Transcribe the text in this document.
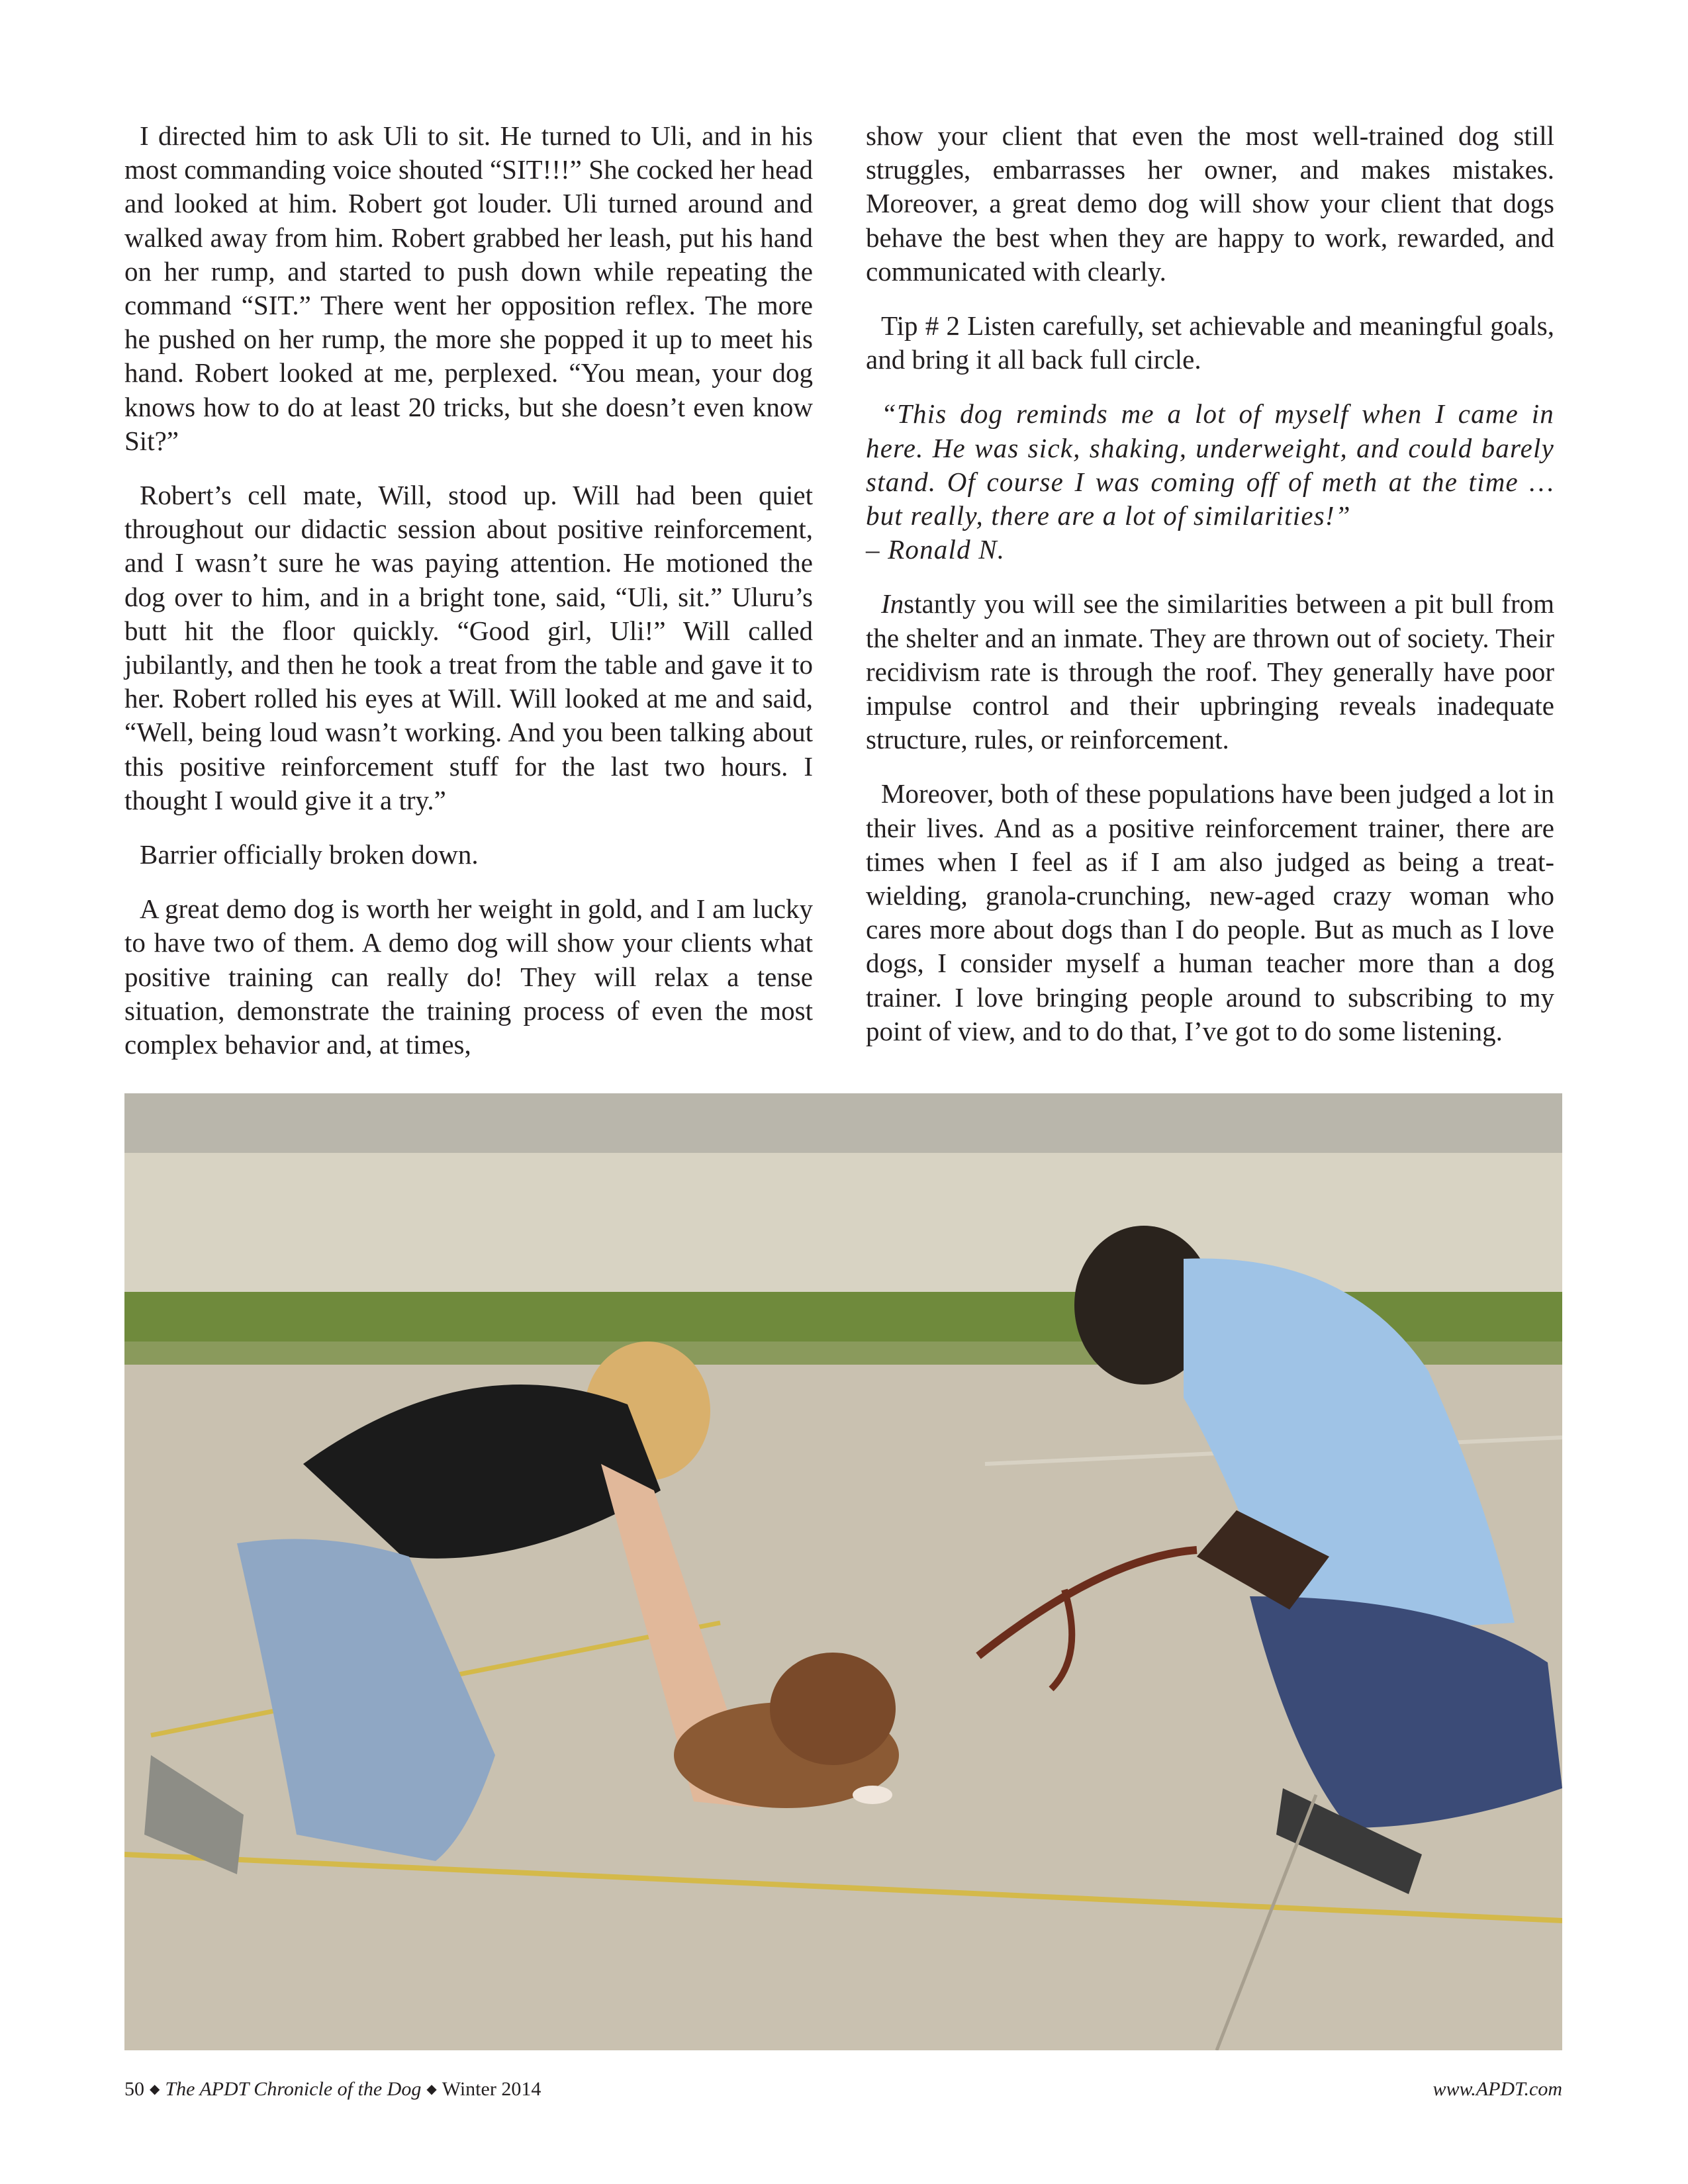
I directed him to ask Uli to sit. He turned to Uli, and in his most commanding voice shouted “SIT!!!” She cocked her head and looked at him. Robert got louder. Uli turned around and walked away from him. Robert grabbed her leash, put his hand on her rump, and started to push down while repeating the command “SIT.” There went her opposition reflex. The more he pushed on her rump, the more she popped it up to meet his hand. Robert looked at me, perplexed. “You mean, your dog knows how to do at least 20 tricks, but she doesn’t even know Sit?”

Robert’s cell mate, Will, stood up. Will had been quiet throughout our didactic session about positive reinforcement, and I wasn’t sure he was paying attention. He motioned the dog over to him, and in a bright tone, said, “Uli, sit.” Uluru’s butt hit the floor quickly. “Good girl, Uli!” Will called jubilantly, and then he took a treat from the table and gave it to her. Robert rolled his eyes at Will. Will looked at me and said, “Well, being loud wasn’t working. And you been talking about this positive reinforcement stuff for the last two hours. I thought I would give it a try.”

Barrier officially broken down.

A great demo dog is worth her weight in gold, and I am lucky to have two of them. A demo dog will show your clients what positive training can really do! They will relax a tense situation, demonstrate the training process of even the most complex behavior and, at times,

show your client that even the most well-trained dog still struggles, embarrasses her owner, and makes mistakes. Moreover, a great demo dog will show your client that dogs behave the best when they are happy to work, rewarded, and communicated with clearly.

Tip # 2 Listen carefully, set achievable and meaningful goals, and bring it all back full circle.

“This dog reminds me a lot of myself when I came in here. He was sick, shaking, underweight, and could barely stand. Of course I was coming off of meth at the time … but really, there are a lot of similarities!”
– Ronald N.

Instantly you will see the similarities between a pit bull from the shelter and an inmate. They are thrown out of society. Their recidivism rate is through the roof. They generally have poor impulse control and their upbringing reveals inadequate structure, rules, or reinforcement.

Moreover, both of these populations have been judged a lot in their lives. And as a positive reinforcement trainer, there are times when I feel as if I am also judged as being a treat-wielding, granola-crunching, new-aged crazy woman who cares more about dogs than I do people. But as much as I love dogs, I consider myself a human teacher more than a dog trainer. I love bringing people around to subscribing to my point of view, and to do that, I’ve got to do some listening.

50 ◆ The APDT Chronicle of the Dog ◆ Winter 2014	www.APDT.com
